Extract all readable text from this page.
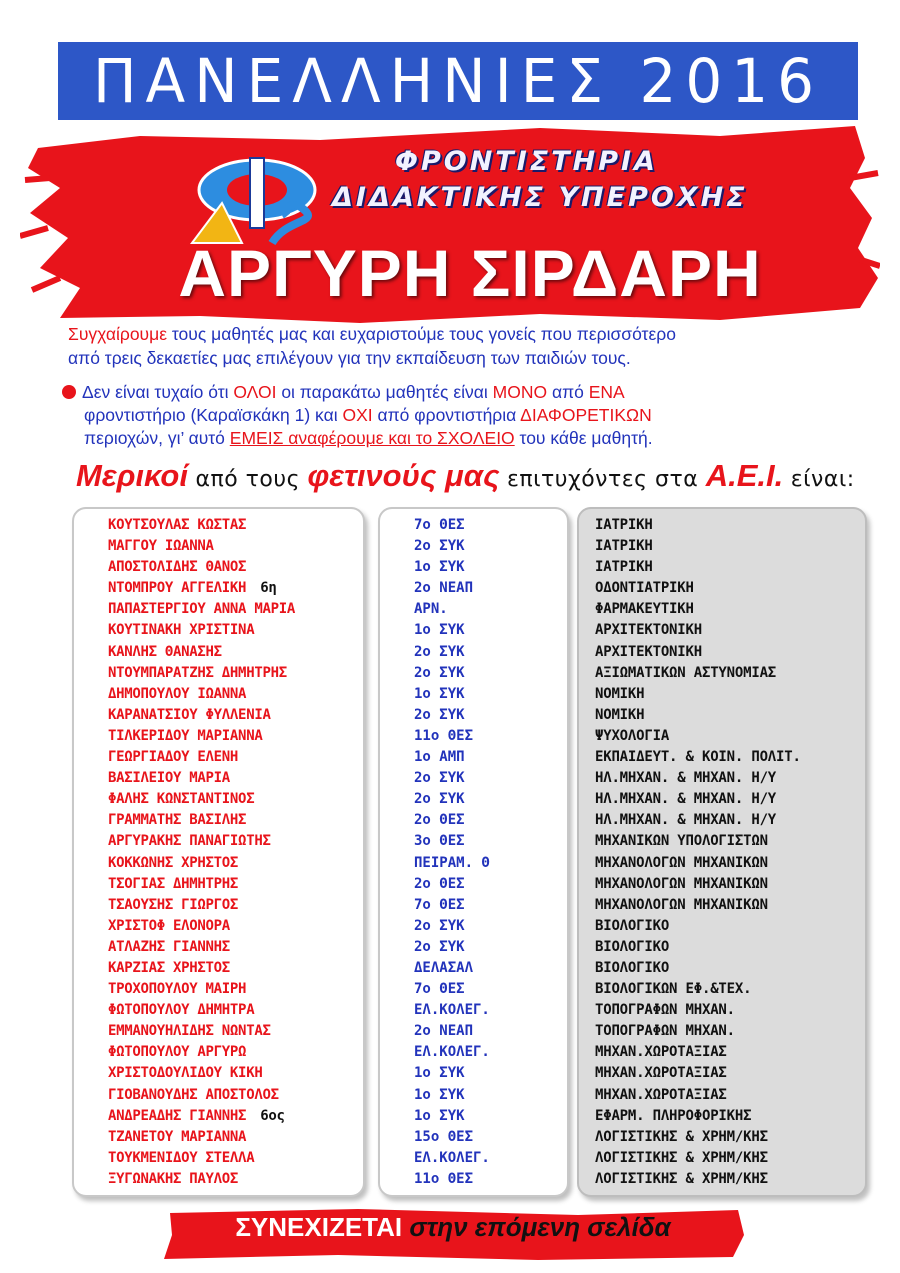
ΠΑΝΕΛΛΗΝΙΕΣ 2016
ΦΡΟΝΤΙΣΤΗΡΙΑ
ΔΙΔΑΚΤΙΚΗΣ ΥΠΕΡΟΧΗΣ
ΑΡΓΥΡΗ ΣΙΡΔΑΡΗ
Συγχαίρουμε τους μαθητές μας και ευχαριστούμε τους γονείς που περισσότερο
από τρεις δεκαετίες μας επιλέγουν για την εκπαίδευση των παιδιών τους.
Δεν είναι τυχαίο ότι ΟΛΟΙ οι παρακάτω μαθητές είναι ΜΟΝΟ από ΕΝΑ
φροντιστήριο (Καραϊσκάκη 1) και ΟΧΙ από φροντιστήρια ΔΙΑΦΟΡΕΤΙΚΩΝ
περιοχών, γι’ αυτό ΕΜΕΙΣ αναφέρουμε και το ΣΧΟΛΕΙΟ του κάθε μαθητή.
Μερικοί από τους φετινούς μας επιτυχόντες στα Α.Ε.Ι. είναι:
ΚΟΥΤΣΟΥΛΑΣ ΚΩΣΤΑΣ
ΜΑΓΓΟΥ ΙΩΑΝΝΑ
ΑΠΟΣΤΟΛΙΔΗΣ ΘΑΝΟΣ
ΝΤΟΜΠΡΟΥ ΑΓΓΕΛΙΚΗ 6η
ΠΑΠΑΣΤΕΡΓΙΟΥ ΑΝΝΑ ΜΑΡΙΑ
ΚΟΥΤΙΝΑΚΗ ΧΡΙΣΤΙΝΑ
ΚΑΝΛΗΣ ΘΑΝΑΣΗΣ
ΝΤΟΥΜΠΑΡΑΤΖΗΣ ΔΗΜΗΤΡΗΣ
ΔΗΜΟΠΟΥΛΟΥ ΙΩΑΝΝΑ
ΚΑΡΑΝΑΤΣΙΟΥ ΦΥΛΛΕΝΙΑ
ΤΙΛΚΕΡΙΔΟΥ ΜΑΡΙΑΝΝΑ
ΓΕΩΡΓΙΑΔΟΥ ΕΛΕΝΗ
ΒΑΣΙΛΕΙΟΥ ΜΑΡΙΑ
ΦΑΛΗΣ ΚΩΝΣΤΑΝΤΙΝΟΣ
ΓΡΑΜΜΑΤΗΣ ΒΑΣΙΛΗΣ
ΑΡΓΥΡΑΚΗΣ ΠΑΝΑΓΙΩΤΗΣ
ΚΟΚΚΩΝΗΣ ΧΡΗΣΤΟΣ
ΤΣΟΓΙΑΣ ΔΗΜΗΤΡΗΣ
ΤΣΑΟΥΣΗΣ ΓΙΩΡΓΟΣ
ΧΡΙΣΤΟΦ ΕΛΟΝΟΡΑ
ΑΤΛΑΖΗΣ ΓΙΑΝΝΗΣ
ΚΑΡΖΙΑΣ ΧΡΗΣΤΟΣ
ΤΡΟΧΟΠΟΥΛΟΥ ΜΑΙΡΗ
ΦΩΤΟΠΟΥΛΟΥ ΔΗΜΗΤΡΑ
ΕΜΜΑΝΟΥΗΛΙΔΗΣ ΝΩΝΤΑΣ
ΦΩΤΟΠΟΥΛΟΥ ΑΡΓΥΡΩ
ΧΡΙΣΤΟΔΟΥΛΙΔΟΥ ΚΙΚΗ
ΓΙΟΒΑΝΟΥΔΗΣ ΑΠΟΣΤΟΛΟΣ
ΑΝΔΡΕΑΔΗΣ ΓΙΑΝΝΗΣ 6ος
ΤΖΑΝΕΤΟΥ ΜΑΡΙΑΝΝΑ
ΤΟΥΚΜΕΝΙΔΟΥ ΣΤΕΛΛΑ
ΞΥΓΩΝΑΚΗΣ ΠΑΥΛΟΣ
7ο ΘΕΣ
2ο ΣΥΚ
1ο ΣΥΚ
2ο ΝΕΑΠ
ΑΡΝ.
1ο ΣΥΚ
2ο ΣΥΚ
2ο ΣΥΚ
1ο ΣΥΚ
2ο ΣΥΚ
11ο ΘΕΣ
1ο ΑΜΠ
2ο ΣΥΚ
2ο ΣΥΚ
2ο ΘΕΣ
3ο ΘΕΣ
ΠΕΙΡΑΜ. Θ
2ο ΘΕΣ
7ο ΘΕΣ
2ο ΣΥΚ
2ο ΣΥΚ
ΔΕΛΑΣΑΛ
7ο ΘΕΣ
ΕΛ.ΚΟΛΕΓ.
2ο ΝΕΑΠ
ΕΛ.ΚΟΛΕΓ.
1ο ΣΥΚ
1ο ΣΥΚ
1ο ΣΥΚ
15ο ΘΕΣ
ΕΛ.ΚΟΛΕΓ.
11ο ΘΕΣ
ΙΑΤΡΙΚΗ
ΙΑΤΡΙΚΗ
ΙΑΤΡΙΚΗ
ΟΔΟΝΤΙΑΤΡΙΚΗ
ΦΑΡΜΑΚΕΥΤΙΚΗ
ΑΡΧΙΤΕΚΤΟΝΙΚΗ
ΑΡΧΙΤΕΚΤΟΝΙΚΗ
ΑΞΙΩΜΑΤΙΚΩΝ ΑΣΤΥΝΟΜΙΑΣ
ΝΟΜΙΚΗ
ΝΟΜΙΚΗ
ΨΥΧΟΛΟΓΙΑ
ΕΚΠΑΙΔΕΥΤ. & ΚΟΙΝ. ΠΟΛΙΤ.
ΗΛ.ΜΗΧΑΝ. & ΜΗΧΑΝ. Η/Υ
ΗΛ.ΜΗΧΑΝ. & ΜΗΧΑΝ. Η/Υ
ΗΛ.ΜΗΧΑΝ. & ΜΗΧΑΝ. Η/Υ
ΜΗΧΑΝΙΚΩΝ ΥΠΟΛΟΓΙΣΤΩΝ
ΜΗΧΑΝΟΛΟΓΩΝ ΜΗΧΑΝΙΚΩΝ
ΜΗΧΑΝΟΛΟΓΩΝ ΜΗΧΑΝΙΚΩΝ
ΜΗΧΑΝΟΛΟΓΩΝ ΜΗΧΑΝΙΚΩΝ
ΒΙΟΛΟΓΙΚΟ
ΒΙΟΛΟΓΙΚΟ
ΒΙΟΛΟΓΙΚΟ
ΒΙΟΛΟΓΙΚΩΝ ΕΦ.&ΤΕΧ.
ΤΟΠΟΓΡΑΦΩΝ ΜΗΧΑΝ.
ΤΟΠΟΓΡΑΦΩΝ ΜΗΧΑΝ.
ΜΗΧΑΝ.ΧΩΡΟΤΑΞΙΑΣ
ΜΗΧΑΝ.ΧΩΡΟΤΑΞΙΑΣ
ΜΗΧΑΝ.ΧΩΡΟΤΑΞΙΑΣ
ΕΦΑΡΜ. ΠΛΗΡΟΦΟΡΙΚΗΣ
ΛΟΓΙΣΤΙΚΗΣ & ΧΡΗΜ/ΚΗΣ
ΛΟΓΙΣΤΙΚΗΣ & ΧΡΗΜ/ΚΗΣ
ΛΟΓΙΣΤΙΚΗΣ & ΧΡΗΜ/ΚΗΣ
ΣΥΝΕΧΙΖΕΤΑΙ στην επόμενη σελίδα
